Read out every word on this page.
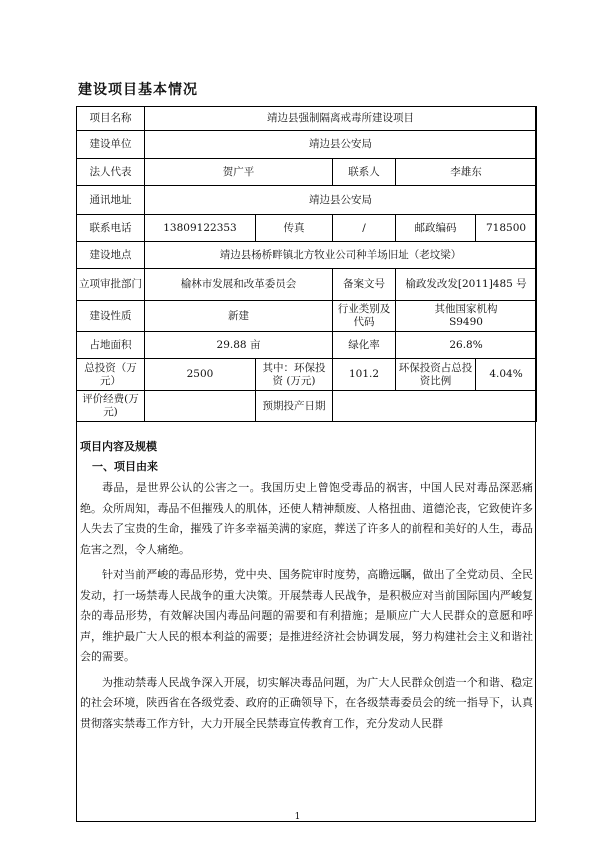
建设项目基本情况
项目名称	靖边县强制隔离戒毒所建设项目				
建设单位	靖边县公安局				
法人代表	贺广平		联系人	李雄东	
通讯地址	靖边县公安局				
联系电话	13809122353	传真	/	邮政编码	718500
建设地点	靖边县杨桥畔镇北方牧业公司种羊场旧址（老坟梁）				
立项审批部门	榆林市发展和改革委员会		备案文号	榆政发改发[2011]485 号	
建设性质	新建		行业类别及代码	其他国家机构
S9490	
占地面积	29.88 亩		绿化率	26.8%	
总投资（万元）	2500	其中：环保投资 (万元)	101.2	环保投资占总投资比例	4.04%
评价经费(万元)		预期投产日期			
项目内容及规模
一、项目由来

毒品，是世界公认的公害之一。我国历史上曾饱受毒品的祸害，中国人民对毒品深恶痛绝。众所周知，毒品不但摧残人的肌体，还使人精神颓废、人格扭曲、道德沦丧，它致使许多人失去了宝贵的生命，摧残了许多幸福美满的家庭，葬送了许多人的前程和美好的人生，毒品危害之烈，令人痛绝。

针对当前严峻的毒品形势，党中央、国务院审时度势，高瞻远瞩，做出了全党动员、全民发动，打一场禁毒人民战争的重大决策。开展禁毒人民战争，是积极应对当前国际国内严峻复杂的毒品形势，有效解决国内毒品问题的需要和有利措施；是顺应广大人民群众的意愿和呼声，维护最广大人民的根本利益的需要；是推进经济社会协调发展，努力构建社会主义和谐社会的需要。

为推动禁毒人民战争深入开展，切实解决毒品问题，为广大人民群众创造一个和谐、稳定的社会环境，陕西省在各级党委、政府的正确领导下，在各级禁毒委员会的统一指导下，认真贯彻落实禁毒工作方针，大力开展全民禁毒宣传教育工作，充分发动人民群

1
